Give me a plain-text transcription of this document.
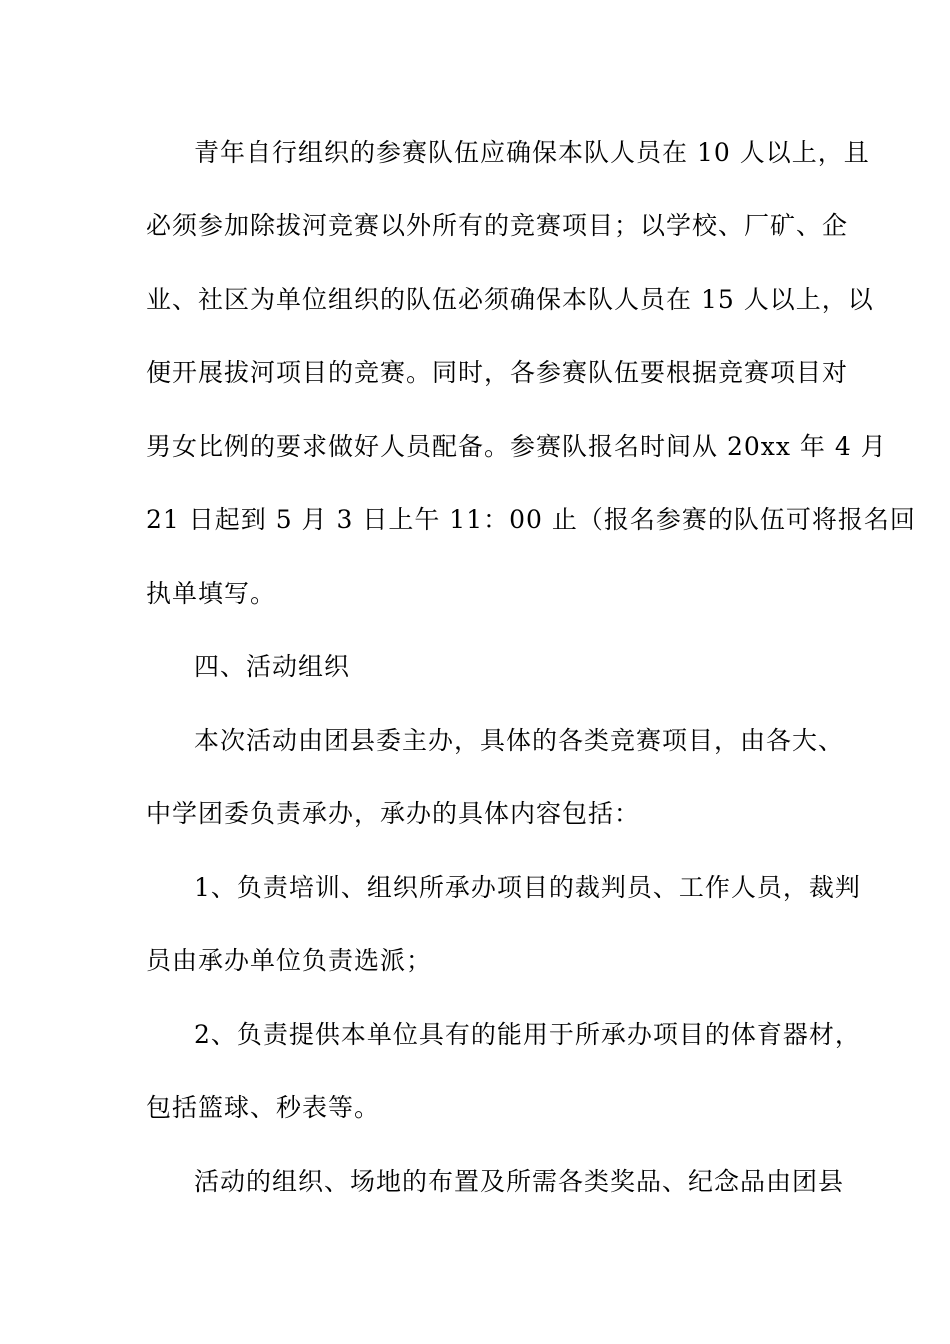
青年自行组织的参赛队伍应确保本队人员在 10 人以上，且
必须参加除拔河竞赛以外所有的竞赛项目；以学校、厂矿、企
业、社区为单位组织的队伍必须确保本队人员在 15 人以上，以
便开展拔河项目的竞赛。同时，各参赛队伍要根据竞赛项目对
男女比例的要求做好人员配备。参赛队报名时间从 20xx 年 4 月
21 日起到 5 月 3 日上午 11：00 止（报名参赛的队伍可将报名回
执单填写。
四、活动组织
本次活动由团县委主办，具体的各类竞赛项目，由各大、
中学团委负责承办，承办的具体内容包括：
1、负责培训、组织所承办项目的裁判员、工作人员，裁判
员由承办单位负责选派；
2、负责提供本单位具有的能用于所承办项目的体育器材，
包括篮球、秒表等。
活动的组织、场地的布置及所需各类奖品、纪念品由团县
